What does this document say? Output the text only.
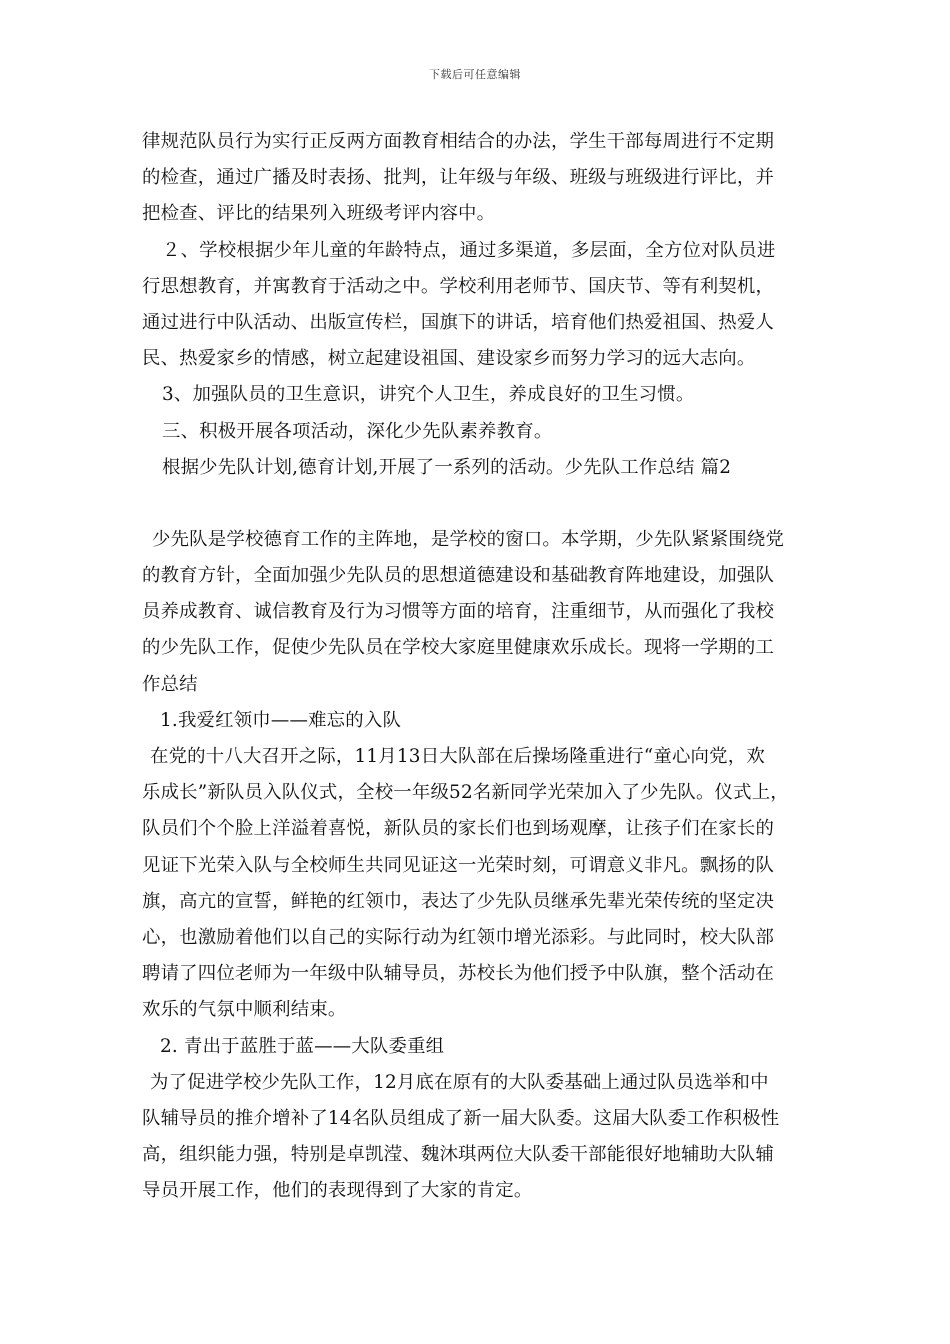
下载后可任意编辑
律规范队员行为实行正反两方面教育相结合的办法，学生干部每周进行不定期
的检查，通过广播及时表扬、批判，让年级与年级、班级与班级进行评比，并
把检查、评比的结果列入班级考评内容中。
２、学校根据少年儿童的年龄特点，通过多渠道，多层面，全方位对队员进
行思想教育，并寓教育于活动之中。学校利用老师节、国庆节、等有利契机，
通过进行中队活动、出版宣传栏，国旗下的讲话，培育他们热爱祖国、热爱人
民、热爱家乡的情感，树立起建设祖国、建设家乡而努力学习的远大志向。
3、加强队员的卫生意识，讲究个人卫生，养成良好的卫生习惯。
三、积极开展各项活动，深化少先队素养教育。
根据少先队计划,德育计划,开展了一系列的活动。少先队工作总结 篇2
少先队是学校德育工作的主阵地，是学校的窗口。本学期，少先队紧紧围绕党
的教育方针，全面加强少先队员的思想道德建设和基础教育阵地建设，加强队
员养成教育、诚信教育及行为习惯等方面的培育，注重细节，从而强化了我校
的少先队工作，促使少先队员在学校大家庭里健康欢乐成长。现将一学期的工
作总结
1.我爱红领巾——难忘的入队
在党的十八大召开之际，11月13日大队部在后操场隆重进行“童心向党，欢
乐成长”新队员入队仪式，全校一年级52名新同学光荣加入了少先队。仪式上，
队员们个个脸上洋溢着喜悦，新队员的家长们也到场观摩，让孩子们在家长的
见证下光荣入队与全校师生共同见证这一光荣时刻，可谓意义非凡。飘扬的队
旗，高亢的宣誓，鲜艳的红领巾，表达了少先队员继承先辈光荣传统的坚定决
心，也激励着他们以自己的实际行动为红领巾增光添彩。与此同时，校大队部
聘请了四位老师为一年级中队辅导员，苏校长为他们授予中队旗，整个活动在
欢乐的气氛中顺利结束。
2. 青出于蓝胜于蓝——大队委重组
为了促进学校少先队工作，12月底在原有的大队委基础上通过队员选举和中
队辅导员的推介增补了14名队员组成了新一届大队委。这届大队委工作积极性
高，组织能力强，特别是卓凯滢、魏沐琪两位大队委干部能很好地辅助大队辅
导员开展工作，他们的表现得到了大家的肯定。
